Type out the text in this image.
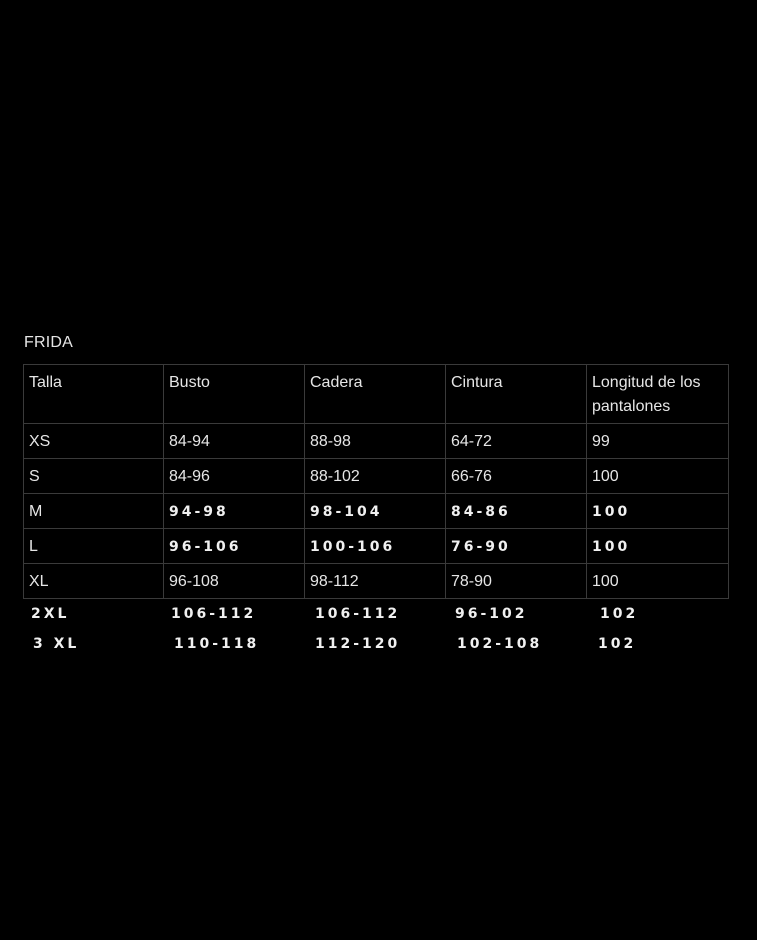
FRIDA
Talla	Busto	Cadera	Cintura	Longitud de los pantalones
XS	84-94	88-98	64-72	99
S	84-96	88-102	66-76	100
M	94-98	98-104	84-86	100
L	96-106	100-106	76-90	100
XL	96-108	98-112	78-90	100
2XL	106-112	106-112	96-102	102
3 XL	110-118	112-120	102-108	102
